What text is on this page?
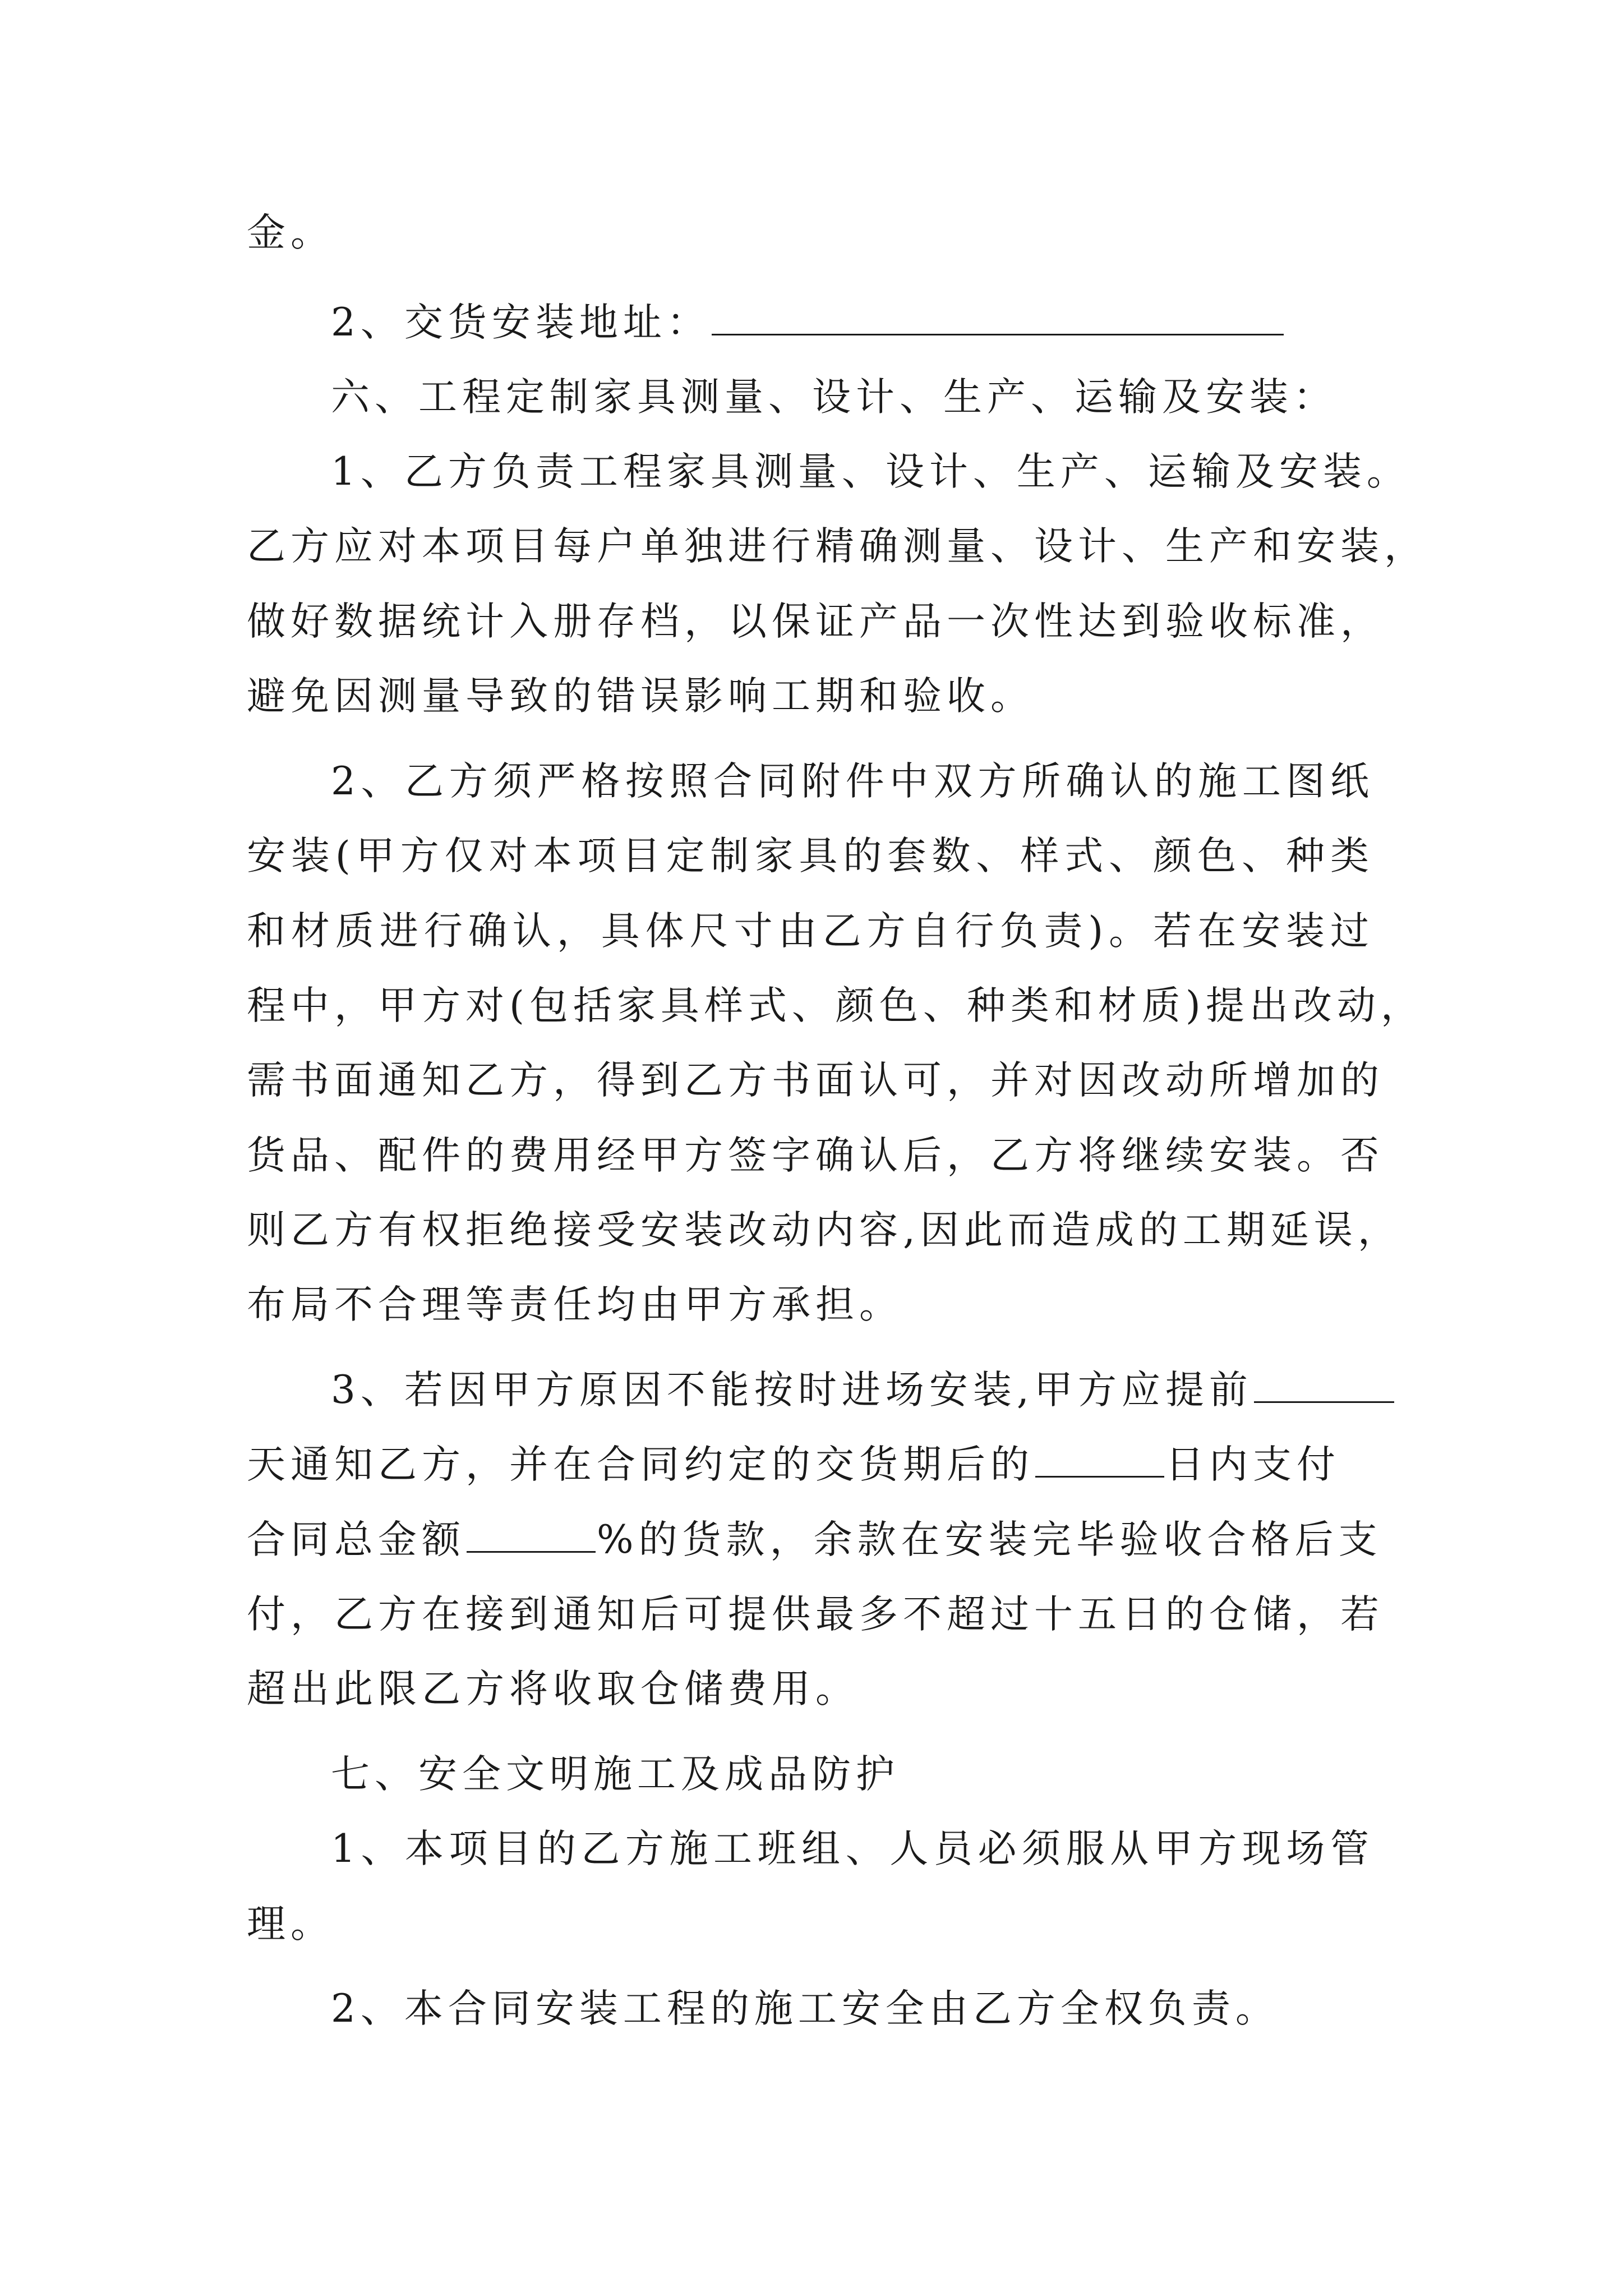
金。
2、交货安装地址：
六、工程定制家具测量、设计、生产、运输及安装：
1、乙方负责工程家具测量、设计、生产、运输及安装。
乙方应对本项目每户单独进行精确测量、设计、生产和安装，
做好数据统计入册存档，以保证产品一次性达到验收标准，
避免因测量导致的错误影响工期和验收。
2、乙方须严格按照合同附件中双方所确认的施工图纸
安装(甲方仅对本项目定制家具的套数、样式、颜色、种类
和材质进行确认，具体尺寸由乙方自行负责)。若在安装过
程中，甲方对(包括家具样式、颜色、种类和材质)提出改动，
需书面通知乙方，得到乙方书面认可，并对因改动所增加的
货品、配件的费用经甲方签字确认后，乙方将继续安装。否
则乙方有权拒绝接受安装改动内容,因此而造成的工期延误，
布局不合理等责任均由甲方承担。
3、若因甲方原因不能按时进场安装,甲方应提前
天通知乙方，并在合同约定的交货期后的	日内支付
合同总金额	%的货款，余款在安装完毕验收合格后支
付，乙方在接到通知后可提供最多不超过十五日的仓储，若
超出此限乙方将收取仓储费用。
七、安全文明施工及成品防护
1、本项目的乙方施工班组、人员必须服从甲方现场管
理。
2、本合同安装工程的施工安全由乙方全权负责。
